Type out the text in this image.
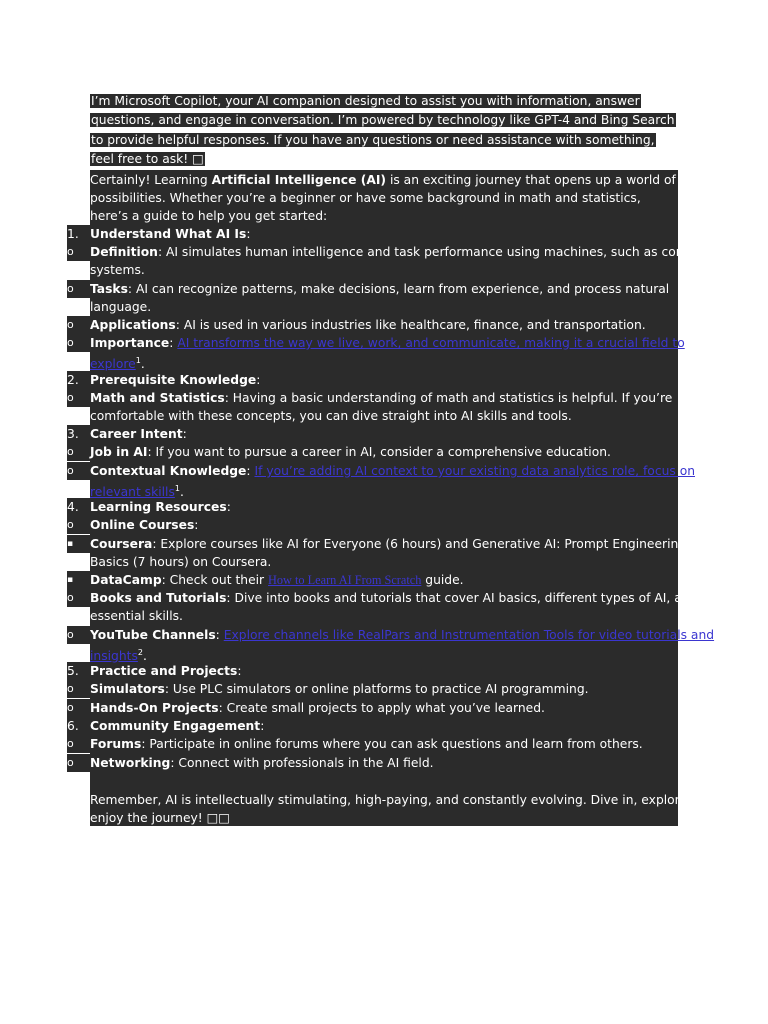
I’m Microsoft Copilot, your AI companion designed to assist you with information, answer questions, and engage in conversation. I’m powered by technology like GPT-4 and Bing Search to provide helpful responses. If you have any questions or need assistance with something, feel free to ask! □
Certainly! Learning Artificial Intelligence (AI) is an exciting journey that opens up a world of possibilities. Whether you’re a beginner or have some background in math and statistics, here’s a guide to help you get started:
1. Understand What AI Is:
o	Definition: AI simulates human intelligence and task performance using machines, such as computer
systems.
o	Tasks: AI can recognize patterns, make decisions, learn from experience, and process natural
language.
o	Applications: AI is used in various industries like healthcare, finance, and transportation.
o	Importance: AI transforms the way we live, work, and communicate, making it a crucial field to
explore$^1$.
2. Prerequisite Knowledge:
o	Math and Statistics: Having a basic understanding of math and statistics is helpful. If you’re
comfortable with these concepts, you can dive straight into AI skills and tools.
3. Career Intent:
o	Job in AI: If you want to pursue a career in AI, consider a comprehensive education.
o	Contextual Knowledge: If you’re adding AI context to your existing data analytics role, focus on
relevant skills$^1$.
4. Learning Resources:
o	Online Courses:
▪	Coursera: Explore courses like AI for Everyone (6 hours) and Generative AI: Prompt Engineering
Basics (7 hours) on Coursera.
▪	DataCamp: Check out their How to Learn AI From Scratch guide.
o	Books and Tutorials: Dive into books and tutorials that cover AI basics, different types of AI, and
essential skills.
o	YouTube Channels: Explore channels like RealPars and Instrumentation Tools for video tutorials and
insights$^2$.
5. Practice and Projects:
o	Simulators: Use PLC simulators or online platforms to practice AI programming.
o	Hands-On Projects: Create small projects to apply what you’ve learned.
6. Community Engagement:
o	Forums: Participate in online forums where you can ask questions and learn from others.
o	Networking: Connect with professionals in the AI field.
Remember, AI is intellectually stimulating, high-paying, and constantly evolving. Dive in, explore, and
enjoy the journey! □□
